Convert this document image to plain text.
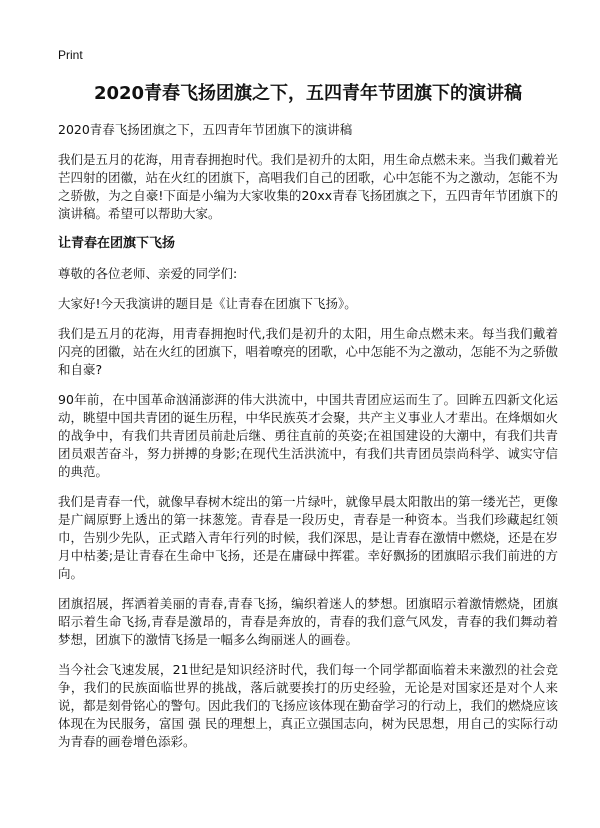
Print
2020青春飞扬团旗之下，五四青年节团旗下的演讲稿

2020青春飞扬团旗之下，五四青年节团旗下的演讲稿

我们是五月的花海，用青春拥抱时代。我们是初升的太阳，用生命点燃未来。当我们戴着光芒四射的团徽，站在火红的团旗下，高唱我们自己的团歌，心中怎能不为之激动，怎能不为之骄傲，为之自豪!下面是小编为大家收集的20xx青春飞扬团旗之下，五四青年节团旗下的演讲稿。希望可以帮助大家。

让青春在团旗下飞扬

尊敬的各位老师、亲爱的同学们:

大家好!今天我演讲的题目是《让青春在团旗下飞扬》。

我们是五月的花海，用青春拥抱时代,我们是初升的太阳，用生命点燃未来。每当我们戴着闪亮的团徽，站在火红的团旗下，唱着嘹亮的团歌，心中怎能不为之激动，怎能不为之骄傲和自豪?

90年前，在中国革命汹涌澎湃的伟大洪流中，中国共青团应运而生了。回眸五四新文化运动，眺望中国共青团的诞生历程，中华民族英才会聚，共产主义事业人才辈出。在烽烟如火的战争中，有我们共青团员前赴后继、勇往直前的英姿;在祖国建设的大潮中，有我们共青团员艰苦奋斗，努力拼搏的身影;在现代生活洪流中，有我们共青团员崇尚科学、诚实守信的典范。

我们是青春一代，就像早春树木绽出的第一片绿叶，就像早晨太阳散出的第一缕光芒，更像是广阔原野上透出的第一抹葱笼。青春是一段历史，青春是一种资本。当我们珍藏起红领巾，告别少先队，正式踏入青年行列的时候，我们深思，是让青春在激情中燃烧，还是在岁月中枯萎;是让青春在生命中飞扬，还是在庸碌中挥霍。幸好飘扬的团旗昭示我们前进的方向。

团旗招展，挥洒着美丽的青春,青春飞扬，编织着迷人的梦想。团旗昭示着激情燃烧，团旗昭示着生命飞扬,青春是激昂的，青春是奔放的，青春的我们意气风发，青春的我们舞动着梦想，团旗下的激情飞扬是一幅多么绚丽迷人的画卷。

当今社会飞速发展，21世纪是知识经济时代，我们每一个同学都面临着未来激烈的社会竞争，我们的民族面临世界的挑战，落后就要挨打的历史经验，无论是对国家还是对个人来说，都是刻骨铭心的警句。因此我们的飞扬应该体现在勤奋学习的行动上，我们的燃烧应该体现在为民服务，富国 强 民的理想上，真正立强国志向，树为民思想，用自己的实际行动为青春的画卷增色添彩。
